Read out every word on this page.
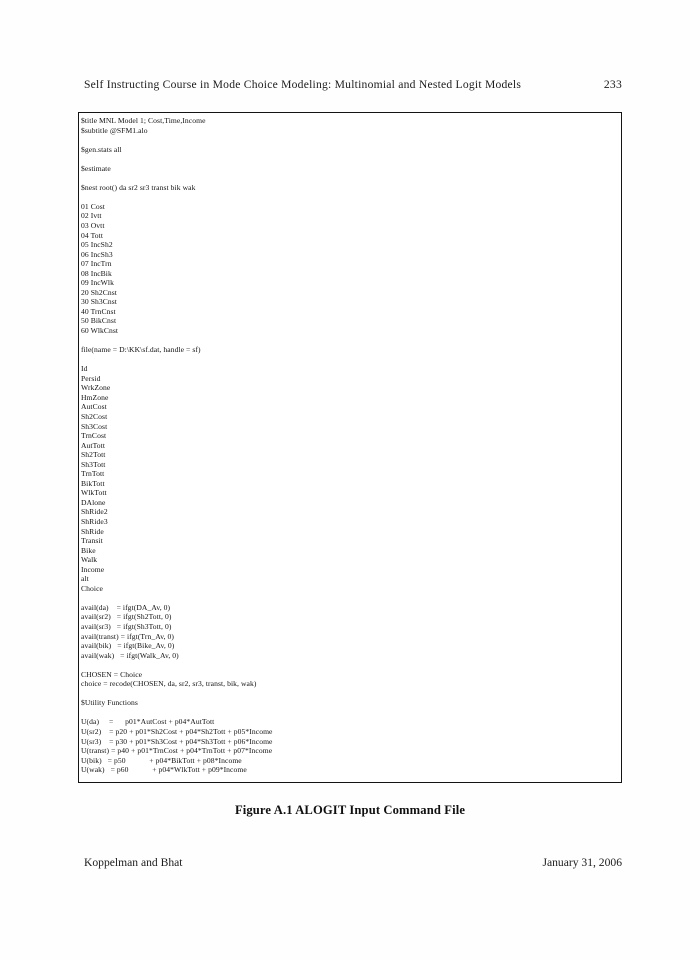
Self Instructing Course in Mode Choice Modeling: Multinomial and Nested Logit Models	233
$title MNL Model 1; Cost,Time,Income
$subtitle @SFM1.alo

$gen.stats all

$estimate

$nest root() da sr2 sr3 transt bik wak

01 Cost
02 Ivtt
03 Ovtt
04 Tott
05 IncSh2
06 IncSh3
07 IncTrn
08 IncBik
09 IncWlk
20 Sh2Cnst
30 Sh3Cnst
40 TrnCnst
50 BikCnst
60 WlkCnst

file(name = D:\KK\sf.dat, handle = sf)

Id
Persid
WrkZone
HmZone
AutCost
Sh2Cost
Sh3Cost
TrnCost
AutTott
Sh2Tott
Sh3Tott
TrnTott
BikTott
WlkTott
DAlone
ShRide2
ShRide3
ShRide
Transit
Bike
Walk
Income
alt
Choice

avail(da)    = ifgt(DA_Av, 0)
avail(sr2)   = ifgt(Sh2Tott, 0)
avail(sr3)   = ifgt(Sh3Tott, 0)
avail(transt) = ifgt(Trn_Av, 0)
avail(bik)   = ifgt(Bike_Av, 0)
avail(wak)   = ifgt(Walk_Av, 0)

CHOSEN = Choice
choice = recode(CHOSEN, da, sr2, sr3, transt, bik, wak)

$Utility Functions

U(da)     =      p01*AutCost + p04*AutTott
U(sr2)    = p20 + p01*Sh2Cost + p04*Sh2Tott + p05*Income
U(sr3)    = p30 + p01*Sh3Cost + p04*Sh3Tott + p06*Income
U(transt) = p40 + p01*TrnCost + p04*TrnTott + p07*Income
U(bik)   = p50            + p04*BikTott + p08*Income
U(wak)   = p60            + p04*WlkTott + p09*Income
Figure A.1 ALOGIT Input Command File
Koppelman and Bhat	January 31, 2006
